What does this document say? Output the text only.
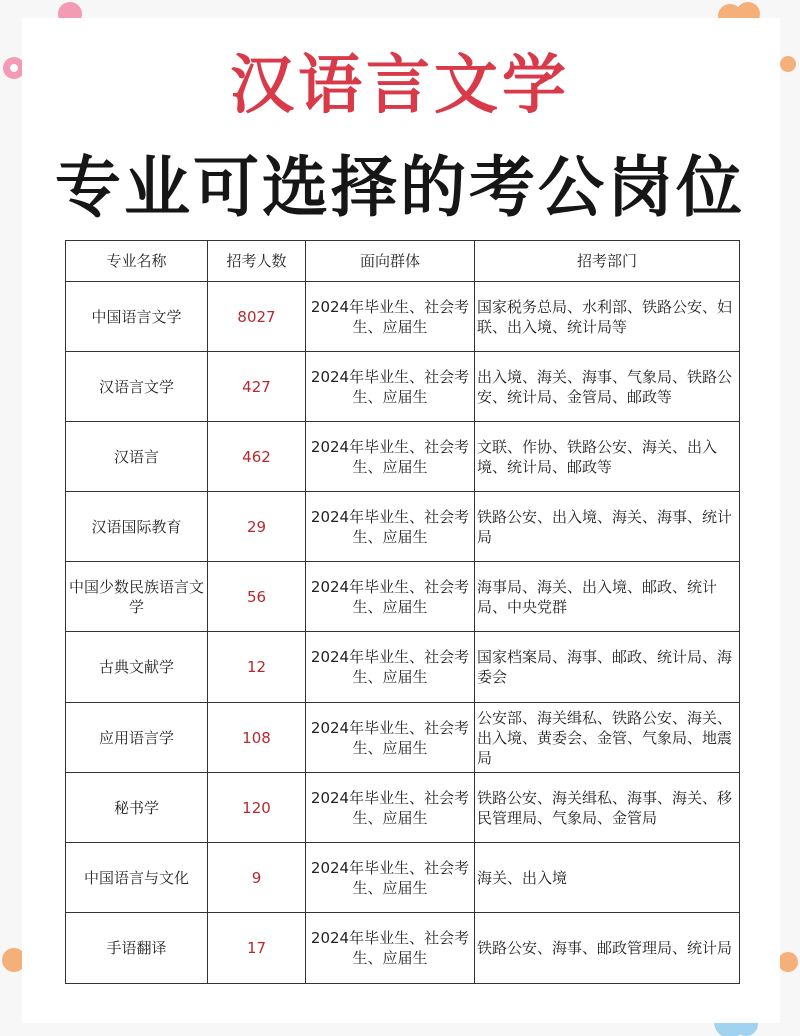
汉语言文学
专业可选择的考公岗位
专业名称	招考人数	面向群体	招考部门
中国语言文学	8027	2024年毕业生、社会考生、应届生	国家税务总局、水利部、铁路公安、妇联、出入境、统计局等
汉语言文学	427	2024年毕业生、社会考生、应届生	出入境、海关、海事、气象局、铁路公安、统计局、金管局、邮政等
汉语言	462	2024年毕业生、社会考生、应届生	文联、作协、铁路公安、海关、出入境、统计局、邮政等
汉语国际教育	29	2024年毕业生、社会考生、应届生	铁路公安、出入境、海关、海事、统计局
中国少数民族语言文学	56	2024年毕业生、社会考生、应届生	海事局、海关、出入境、邮政、统计局、中央党群
古典文献学	12	2024年毕业生、社会考生、应届生	国家档案局、海事、邮政、统计局、海委会
应用语言学	108	2024年毕业生、社会考生、应届生	公安部、海关缉私、铁路公安、海关、出入境、黄委会、金管、气象局、地震局
秘书学	120	2024年毕业生、社会考生、应届生	铁路公安、海关缉私、海事、海关、移民管理局、气象局、金管局
中国语言与文化	9	2024年毕业生、社会考生、应届生	海关、出入境
手语翻译	17	2024年毕业生、社会考生、应届生	铁路公安、海事、邮政管理局、统计局
